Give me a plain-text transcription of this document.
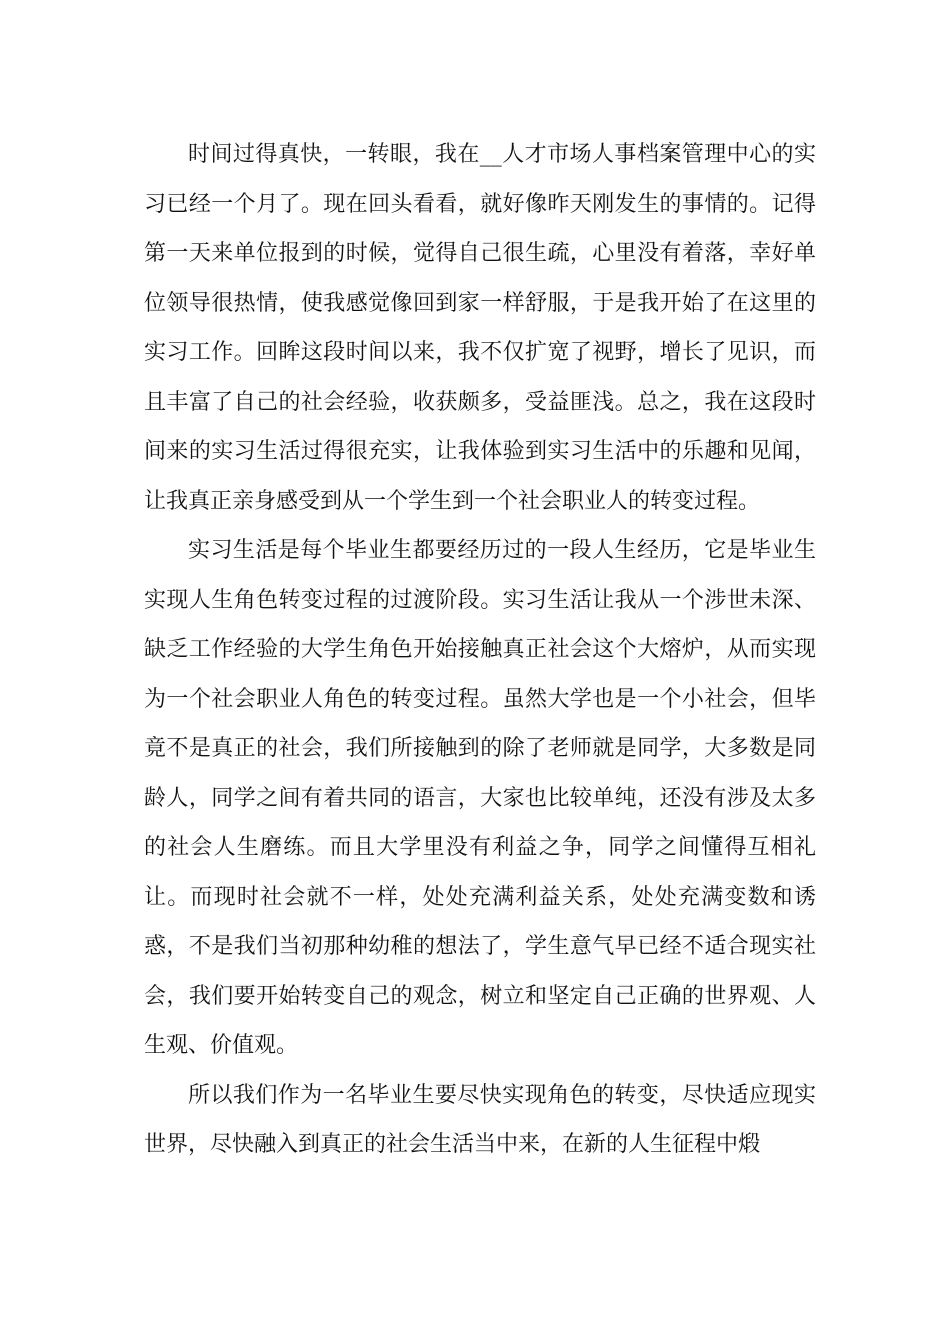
时间过得真快，一转眼，我在__人才市场人事档案管理中心的实习已经一个月了。现在回头看看，就好像昨天刚发生的事情的。记得第一天来单位报到的时候，觉得自己很生疏，心里没有着落，幸好单位领导很热情，使我感觉像回到家一样舒服，于是我开始了在这里的实习工作。回眸这段时间以来，我不仅扩宽了视野，增长了见识，而且丰富了自己的社会经验，收获颇多，受益匪浅。总之，我在这段时间来的实习生活过得很充实，让我体验到实习生活中的乐趣和见闻，让我真正亲身感受到从一个学生到一个社会职业人的转变过程。

实习生活是每个毕业生都要经历过的一段人生经历，它是毕业生实现人生角色转变过程的过渡阶段。实习生活让我从一个涉世未深、缺乏工作经验的大学生角色开始接触真正社会这个大熔炉，从而实现为一个社会职业人角色的转变过程。虽然大学也是一个小社会，但毕竟不是真正的社会，我们所接触到的除了老师就是同学，大多数是同龄人，同学之间有着共同的语言，大家也比较单纯，还没有涉及太多的社会人生磨练。而且大学里没有利益之争，同学之间懂得互相礼让。而现时社会就不一样，处处充满利益关系，处处充满变数和诱惑，不是我们当初那种幼稚的想法了，学生意气早已经不适合现实社会，我们要开始转变自己的观念，树立和坚定自己正确的世界观、人生观、价值观。

所以我们作为一名毕业生要尽快实现角色的转变，尽快适应现实世界，尽快融入到真正的社会生活当中来，在新的人生征程中煅
